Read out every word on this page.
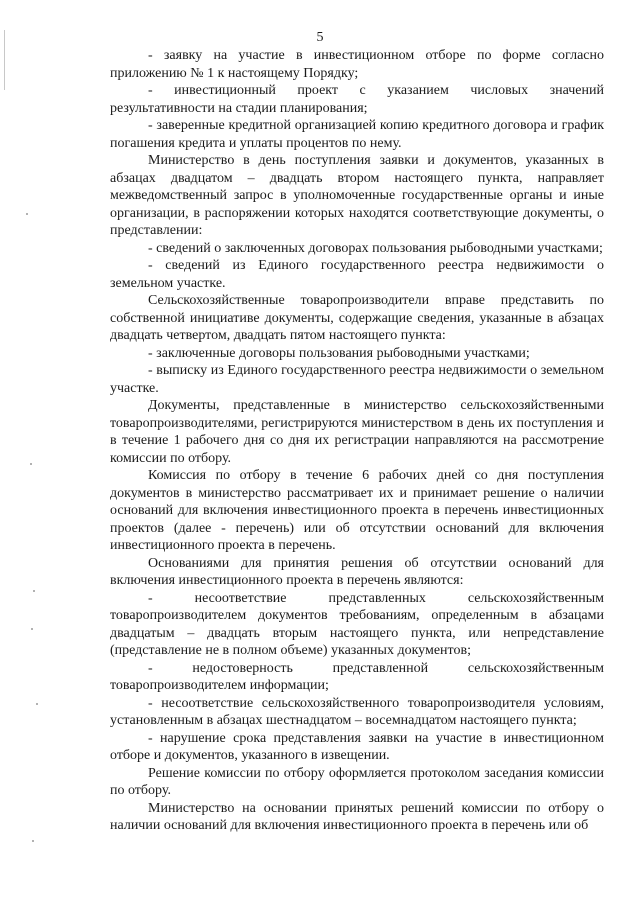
5

- заявку на участие в инвестиционном отборе по форме согласно приложению № 1 к настоящему Порядку;

- инвестиционный проект с указанием числовых значений результативности на стадии планирования;

- заверенные кредитной организацией копию кредитного договора и график погашения кредита и уплаты процентов по нему.

Министерство в день поступления заявки и документов, указанных в абзацах двадцатом – двадцать втором настоящего пункта, направляет межведомственный запрос в уполномоченные государственные органы и иные организации, в распоряжении которых находятся соответствующие документы, о представлении:

- сведений о заключенных договорах пользования рыбоводными участками;

- сведений из Единого государственного реестра недвижимости о земельном участке.

Сельскохозяйственные товаропроизводители вправе представить по собственной инициативе документы, содержащие сведения, указанные в абзацах двадцать четвертом, двадцать пятом настоящего пункта:

- заключенные договоры пользования рыбоводными участками;

- выписку из Единого государственного реестра недвижимости о земельном участке.

Документы, представленные в министерство сельскохозяйственными товаропроизводителями, регистрируются министерством в день их поступления и в течение 1 рабочего дня со дня их регистрации направляются на рассмотрение комиссии по отбору.

Комиссия по отбору в течение 6 рабочих дней со дня поступления документов в министерство рассматривает их и принимает решение о наличии оснований для включения инвестиционного проекта в перечень инвестиционных проектов (далее - перечень) или об отсутствии оснований для включения инвестиционного проекта в перечень.

Основаниями для принятия решения об отсутствии оснований для включения инвестиционного проекта в перечень являются:

- несоответствие представленных сельскохозяйственным товаропроизводителем документов требованиям, определенным в абзацами двадцатым – двадцать вторым настоящего пункта, или непредставление (представление не в полном объеме) указанных документов;

- недостоверность представленной сельскохозяйственным товаропроизводителем информации;

- несоответствие сельскохозяйственного товаропроизводителя условиям, установленным в абзацах шестнадцатом – восемнадцатом настоящего пункта;

- нарушение срока представления заявки на участие в инвестиционном отборе и документов, указанного в извещении.

Решение комиссии по отбору оформляется протоколом заседания комиссии по отбору.

Министерство на основании принятых решений комиссии по отбору о наличии оснований для включения инвестиционного проекта в перечень или об
